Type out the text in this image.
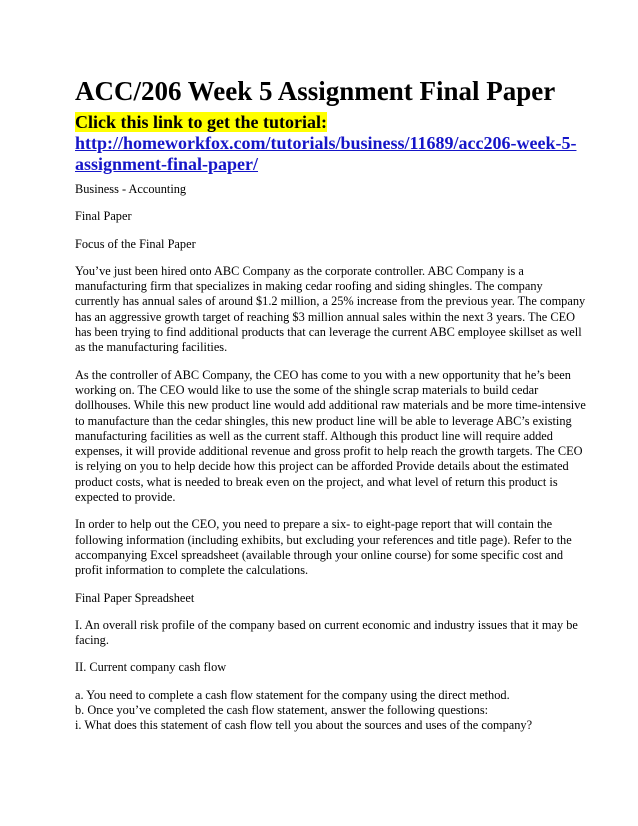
ACC/206 Week 5 Assignment Final Paper
Click this link to get the tutorial:
http://homeworkfox.com/tutorials/business/11689/acc206-week-5-assignment-final-paper/

Business - Accounting

Final Paper

Focus of the Final Paper

You’ve just been hired onto ABC Company as the corporate controller. ABC Company is a manufacturing firm that specializes in making cedar roofing and siding shingles. The company currently has annual sales of around $1.2 million, a 25% increase from the previous year. The company has an aggressive growth target of reaching $3 million annual sales within the next 3 years. The CEO has been trying to find additional products that can leverage the current ABC employee skillset as well as the manufacturing facilities.

As the controller of ABC Company, the CEO has come to you with a new opportunity that he’s been working on. The CEO would like to use the some of the shingle scrap materials to build cedar dollhouses. While this new product line would add additional raw materials and be more time-intensive to manufacture than the cedar shingles, this new product line will be able to leverage ABC’s existing manufacturing facilities as well as the current staff. Although this product line will require added expenses, it will provide additional revenue and gross profit to help reach the growth targets. The CEO is relying on you to help decide how this project can be afforded Provide details about the estimated product costs, what is needed to break even on the project, and what level of return this product is expected to provide.

In order to help out the CEO, you need to prepare a six- to eight-page report that will contain the following information (including exhibits, but excluding your references and title page). Refer to the accompanying Excel spreadsheet (available through your online course) for some specific cost and profit information to complete the calculations.

Final Paper Spreadsheet

I. An overall risk profile of the company based on current economic and industry issues that it may be facing.

II. Current company cash flow

a. You need to complete a cash flow statement for the company using the direct method.

b. Once you’ve completed the cash flow statement, answer the following questions:

i. What does this statement of cash flow tell you about the sources and uses of the company?
